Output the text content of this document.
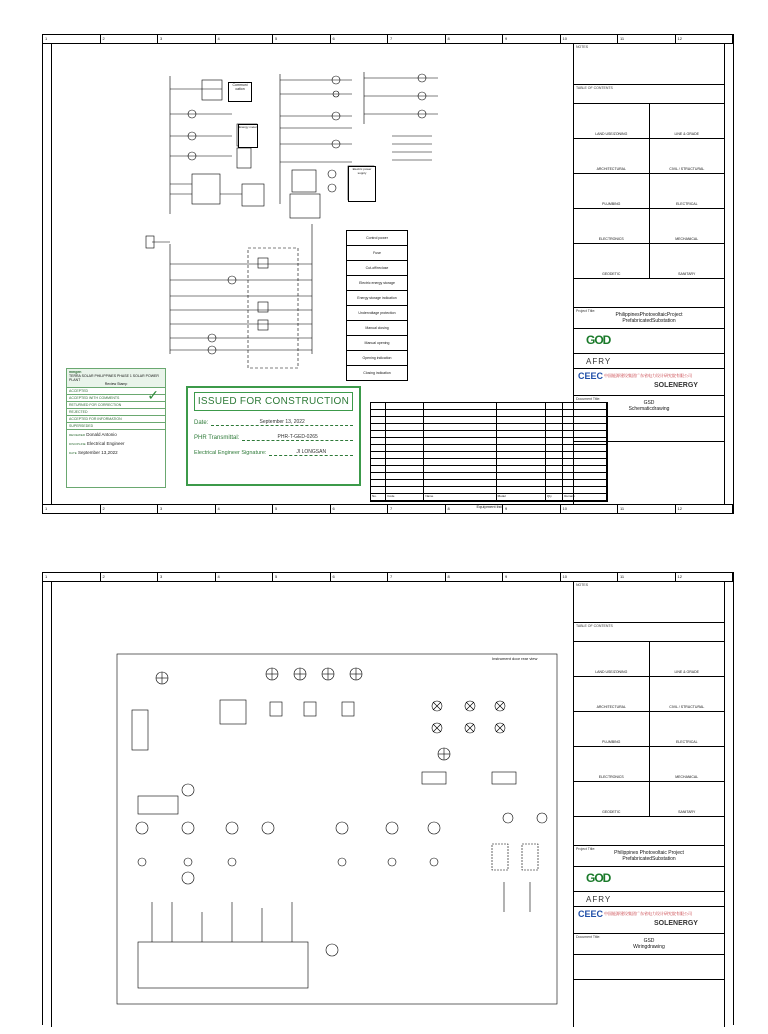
1	2	3	4	5	6	7	8	9	10	11	12
1	2	3	4	5	6	7	8	9	10	11	12
Communi cation
Energy meter
Electric power supply
Control power
Fuse
Cut-off/reclose
Electric energy storage
Energy storage indication
Undervoltage protection
Manual closing
Manual opening
Opening indication
Closing indication
mmgen
TERRA SOLAR PHILIPPINES PHASE 1 SOLAR POWER PLANT
Review Stamp
✓
ACCEPTED
ACCEPTED WITH COMMENTS
RETURNED FOR CORRECTION
REJECTED
ACCEPTED FOR INFORMATION
SUPERSEDED
REVIEWER Donald Antonio
DISCIPLINE Electrical Engineer
DATE September 13,2022
ISSUED FOR CONSTRUCTION
Date:	September 13, 2022
PHR Transmittal:	PHR-T-GED-0265
Electrical Engineer Signature:	JI LONGSAN
Equipment list
No.	Code	Name	Model	Qty	Remark
NOTES
TABLE OF CONTENTS
LAND USE/ZONING	LINE & GRADE
ARCHITECTURAL	CIVIL / STRUCTURAL
PLUMBING	ELECTRICAL
ELECTRONICS	MECHANICAL
GEODETIC	SANITARY
Project Title:
PhilippinesPhotovoltaicProject
PrefabricatedSubstation
GOD
AFRY
CEEC 中国能源建设集团广东省电力设计研究院有限公司
SOLENERGY
Document Title:
GSD
Schematicdrawing
1	2	3	4	5	6	7	8	9	10	11	12
Instrument door rear view
NOTES
TABLE OF CONTENTS
LAND USE/ZONING	LINE & GRADE
ARCHITECTURAL	CIVIL / STRUCTURAL
PLUMBING	ELECTRICAL
ELECTRONICS	MECHANICAL
GEODETIC	SANITARY
Project Title:
Philippines Photovoltaic Project
PrefabricatedSubstation
GOD
AFRY
CEEC 中国能源建设集团广东省电力设计研究院有限公司
SOLENERGY
Document Title:
GSD
Wiringdrawing
